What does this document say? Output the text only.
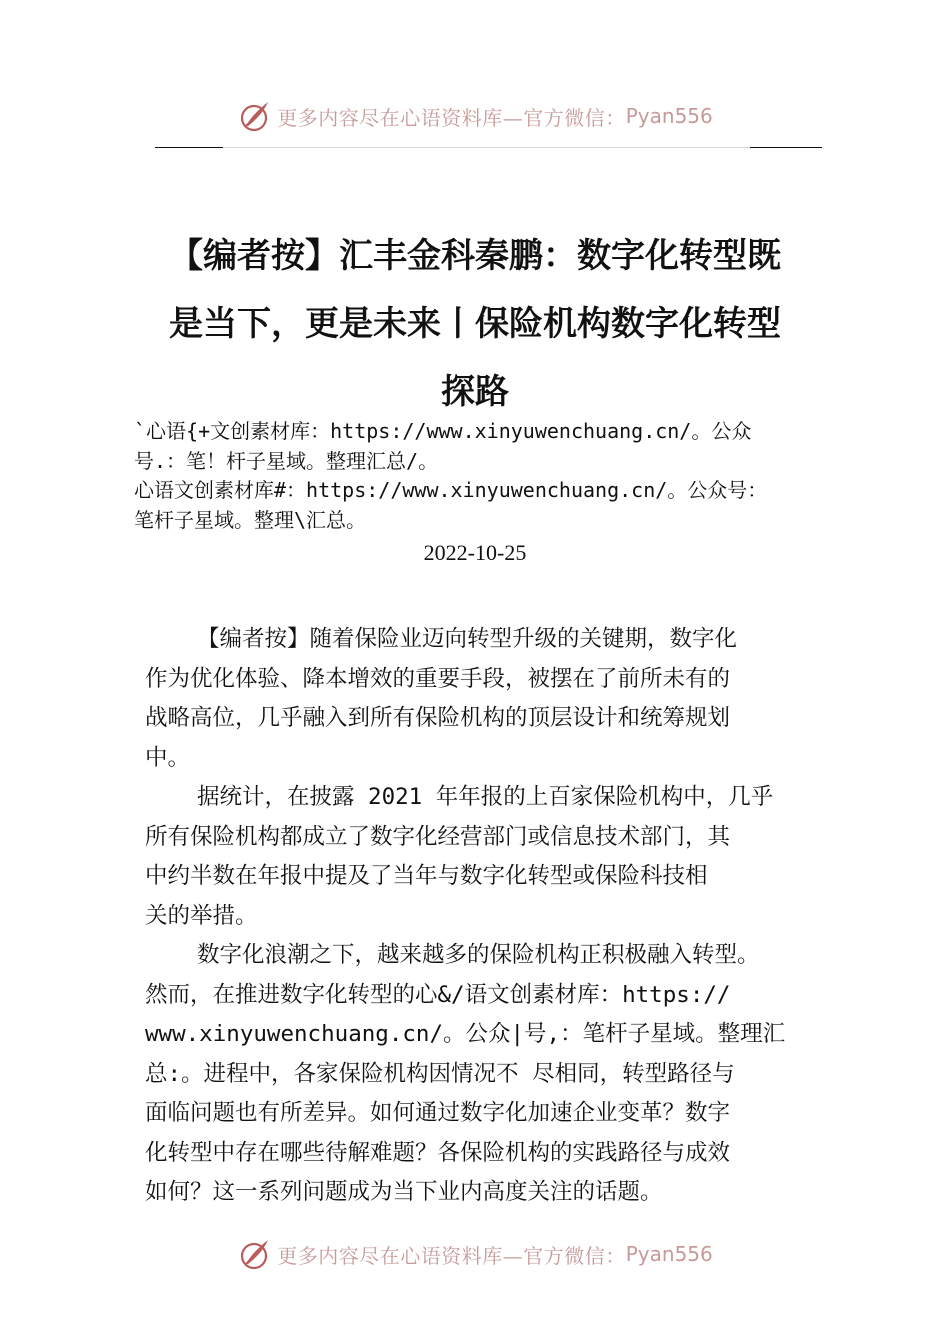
更多内容尽在心语资料库—官方微信： Pyan556
【编者按】汇丰金科秦鹏：数字化转型既
是当下，更是未来丨保险机构数字化转型
探路
`心语{+文创素材库：https://www.xinyuwenchuang.cn/。公众
号.：笔！杆子星域。整理汇总/。
心语文创素材库#：https://www.xinyuwenchuang.cn/。公众号：
笔杆子星域。整理\汇总。
2022-10-25
【编者按】随着保险业迈向转型升级的关键期，数字化
作为优化体验、降本增效的重要手段，被摆在了前所未有的
战略高位，几乎融入到所有保险机构的顶层设计和统筹规划
中。
据统计，在披露 2021 年年报的上百家保险机构中，几乎
所有保险机构都成立了数字化经营部门或信息技术部门，其
中约半数在年报中提及了当年与数字化转型或保险科技相
关的举措。
数字化浪潮之下，越来越多的保险机构正积极融入转型。
然而，在推进数字化转型的心&/语文创素材库：https://
www.xinyuwenchuang.cn/。公众|号,：笔杆子星域。整理汇
总:。进程中，各家保险机构因情况不 尽相同，转型路径与
面临问题也有所差异。如何通过数字化加速企业变革？数字
化转型中存在哪些待解难题？各保险机构的实践路径与成效
如何？这一系列问题成为当下业内高度关注的话题。
更多内容尽在心语资料库—官方微信： Pyan556
